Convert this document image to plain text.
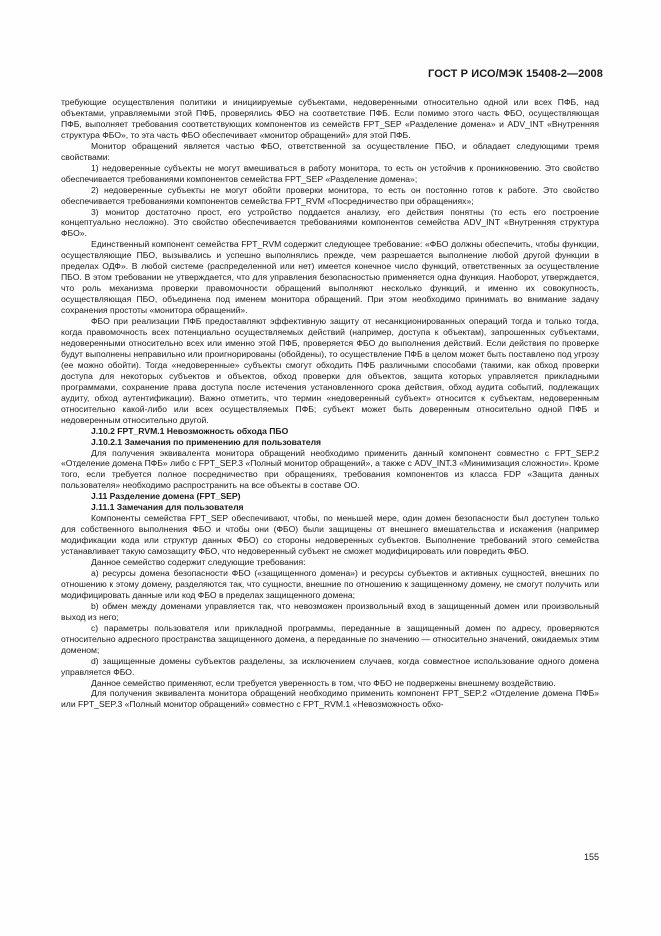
ГОСТ Р ИСО/МЭК 15408-2—2008

требующие осуществления политики и инициируемые субъектами, недоверенными относительно одной или всех ПФБ, над объектами, управляемыми этой ПФБ, проверялись ФБО на соответствие ПФБ. Если помимо этого часть ФБО, осуществляющая ПФБ, выполняет требования соответствующих компонентов из семейств FPT_SEP «Разделение домена» и ADV_INT «Внутренняя структура ФБО», то эта часть ФБО обеспечивает «монитор обращений» для этой ПФБ.

Монитор обращений является частью ФБО, ответственной за осуществление ПБО, и обладает следующими тремя свойствами:

1) недоверенные субъекты не могут вмешиваться в работу монитора, то есть он устойчив к проникновению. Это свойство обеспечивается требованиями компонентов семейства FPT_SEP «Разделение домена»;

2) недоверенные субъекты не могут обойти проверки монитора, то есть он постоянно готов к работе. Это свойство обеспечивается требованиями компонентов семейства FPT_RVM «Посредничество при обращениях»;

3) монитор достаточно прост, его устройство поддается анализу, его действия понятны (то есть его построение концептуально несложно). Это свойство обеспечивается требованиями компонентов семейства ADV_INT «Внутренняя структура ФБО».

Единственный компонент семейства FPT_RVM содержит следующее требование: «ФБО должны обеспечить, чтобы функции, осуществляющие ПБО, вызывались и успешно выполнялись прежде, чем разрешается выполнение любой другой функции в пределах ОДФ». В любой системе (распределенной или нет) имеется конечное число функций, ответственных за осуществление ПБО. В этом требовании не утверждается, что для управления безопасностью применяется одна функция. Наоборот, утверждается, что роль механизма проверки правомочности обращений выполняют несколько функций, и именно их совокупность, осуществляющая ПБО, объединена под именем монитора обращений. При этом необходимо принимать во внимание задачу сохранения простоты «монитора обращений».

ФБО при реализации ПФБ предоставляют эффективную защиту от несанкционированных операций тогда и только тогда, когда правомочность всех потенциально осуществляемых действий (например, доступа к объектам), запрошенных субъектами, недоверенными относительно всех или именно этой ПФБ, проверяется ФБО до выполнения действий. Если действия по проверке будут выполнены неправильно или проигнорированы (обойдены), то осуществление ПФБ в целом может быть поставлено под угрозу (ее можно обойти). Тогда «недоверенные» субъекты смогут обходить ПФБ различными способами (такими, как обход проверки доступа для некоторых субъектов и объектов, обход проверки для объектов, защита которых управляется прикладными программами, сохранение права доступа после истечения установленного срока действия, обход аудита событий, подлежащих аудиту, обход аутентификации). Важно отметить, что термин «недоверенный субъект» относится к субъектам, недоверенным относительно какой-либо или всех осуществляемых ПФБ; субъект может быть доверенным относительно одной ПФБ и недоверенным относительно другой.

J.10.2 FPT_RVM.1 Невозможность обхода ПБО

J.10.2.1 Замечания по применению для пользователя

Для получения эквивалента монитора обращений необходимо применить данный компонент совместно с FPT_SEP.2 «Отделение домена ПФБ» либо с FPT_SEP.3 «Полный монитор обращений», а также с ADV_INT.3 «Минимизация сложности». Кроме того, если требуется полное посредничество при обращениях, требования компонентов из класса FDP «Защита данных пользователя» необходимо распространить на все объекты в составе ОО.

J.11 Разделение домена (FPT_SEP)

J.11.1 Замечания для пользователя

Компоненты семейства FPT_SEP обеспечивают, чтобы, по меньшей мере, один домен безопасности был доступен только для собственного выполнения ФБО и чтобы они (ФБО) были защищены от внешнего вмешательства и искажения (например модификации кода или структур данных ФБО) со стороны недоверенных субъектов. Выполнение требований этого семейства устанавливает такую самозащиту ФБО, что недоверенный субъект не сможет модифицировать или повредить ФБО.

Данное семейство содержит следующие требования:

a) ресурсы домена безопасности ФБО («защищенного домена») и ресурсы субъектов и активных сущностей, внешних по отношению к этому домену, разделяются так, что сущности, внешние по отношению к защищенному домену, не смогут получить или модифицировать данные или код ФБО в пределах защищенного домена;

b) обмен между доменами управляется так, что невозможен произвольный вход в защищенный домен или произвольный выход из него;

c) параметры пользователя или прикладной программы, переданные в защищенный домен по адресу, проверяются относительно адресного пространства защищенного домена, а переданные по значению — относительно значений, ожидаемых этим доменом;

d) защищенные домены субъектов разделены, за исключением случаев, когда совместное использование одного домена управляется ФБО.

Данное семейство применяют, если требуется уверенность в том, что ФБО не подвержены внешнему воздействию.

Для получения эквивалента монитора обращений необходимо применить компонент FPT_SEP.2 «Отделение домена ПФБ» или FPT_SEP.3 «Полный монитор обращений» совместно с FPT_RVM.1 «Невозможность обхо-

155
